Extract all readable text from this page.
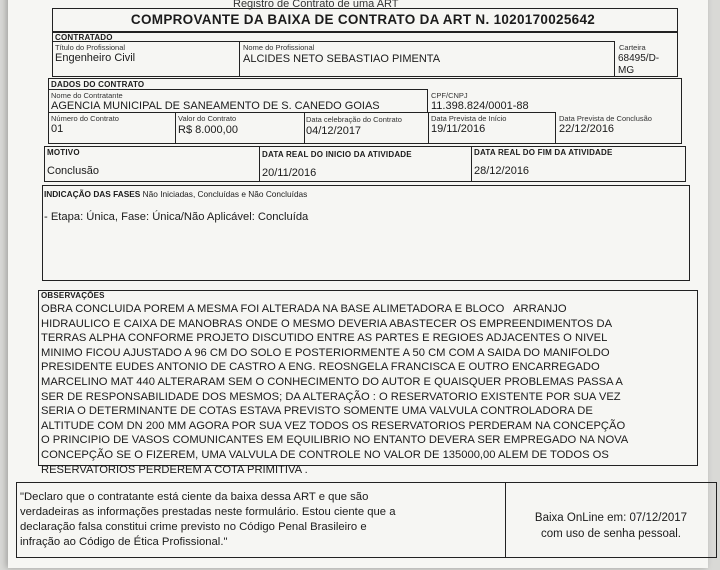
Registro de Contrato de uma ART
COMPROVANTE DA BAIXA DE CONTRATO DA ART N. 1020170025642
CONTRATADO
Título do Profissional
Engenheiro Civil
Nome do Profissional
ALCIDES NETO SEBASTIAO PIMENTA
Carteira
68495/D-
MG
DADOS DO CONTRATO
Nome do Contratante
AGENCIA MUNICIPAL DE SANEAMENTO DE S. CANEDO GOIAS
CPF/CNPJ
11.398.824/0001-88
Número do Contrato
01
Valor do Contrato
R$ 8.000,00
Data celebração do Contrato
04/12/2017
Data Prevista de Início
19/11/2016
Data Prevista de Conclusão
22/12/2016
MOTIVO
Conclusão
DATA REAL DO INICIO DA ATIVIDADE
20/11/2016
DATA REAL DO FIM DA ATIVIDADE
28/12/2016
INDICAÇÃO DAS FASES Não Iniciadas, Concluídas e Não Concluídas
- Etapa: Única, Fase: Única/Não Aplicável: Concluída
OBSERVAÇÕES
OBRA CONCLUIDA POREM A MESMA FOI ALTERADA NA BASE ALIMETADORA E BLOCO   ARRANJO
HIDRAULICO E CAIXA DE MANOBRAS ONDE O MESMO DEVERIA ABASTECER OS EMPREENDIMENTOS DA
TERRAS ALPHA CONFORME PROJETO DISCUTIDO ENTRE AS PARTES E REGIOES ADJACENTES O NIVEL
MINIMO FICOU AJUSTADO A 96 CM DO SOLO E POSTERIORMENTE A 50 CM COM A SAIDA DO MANIFOLDO
PRESIDENTE EUDES ANTONIO DE CASTRO A ENG. REOSNGELA FRANCISCA E OUTRO ENCARREGADO
MARCELINO MAT 440 ALTERARAM SEM O CONHECIMENTO DO AUTOR E QUAISQUER PROBLEMAS PASSA A
SER DE RESPONSABILIDADE DOS MESMOS; DA ALTERAÇÃO : O RESERVATORIO EXISTENTE POR SUA VEZ
SERIA O DETERMINANTE DE COTAS ESTAVA PREVISTO SOMENTE UMA VALVULA CONTROLADORA DE
ALTITUDE COM DN 200 MM AGORA POR SUA VEZ TODOS OS RESERVATORIOS PERDERAM NA CONCEPÇÃO
O PRINCIPIO DE VASOS COMUNICANTES EM EQUILIBRIO NO ENTANTO DEVERA SER EMPREGADO NA NOVA
CONCEPÇÃO SE O FIZEREM, UMA VALVULA DE CONTROLE NO VALOR DE 135000,00 ALEM DE TODOS OS
RESERVATORIOS PERDEREM A COTA PRIMITIVA .
"Declaro que o contratante está ciente da baixa dessa ART e que são
verdadeiras as informações prestadas neste formulário. Estou ciente que a
declaração falsa constitui crime previsto no Código Penal Brasileiro e
infração ao Código de Ética Profissional."
Baixa OnLine em: 07/12/2017
com uso de senha pessoal.
